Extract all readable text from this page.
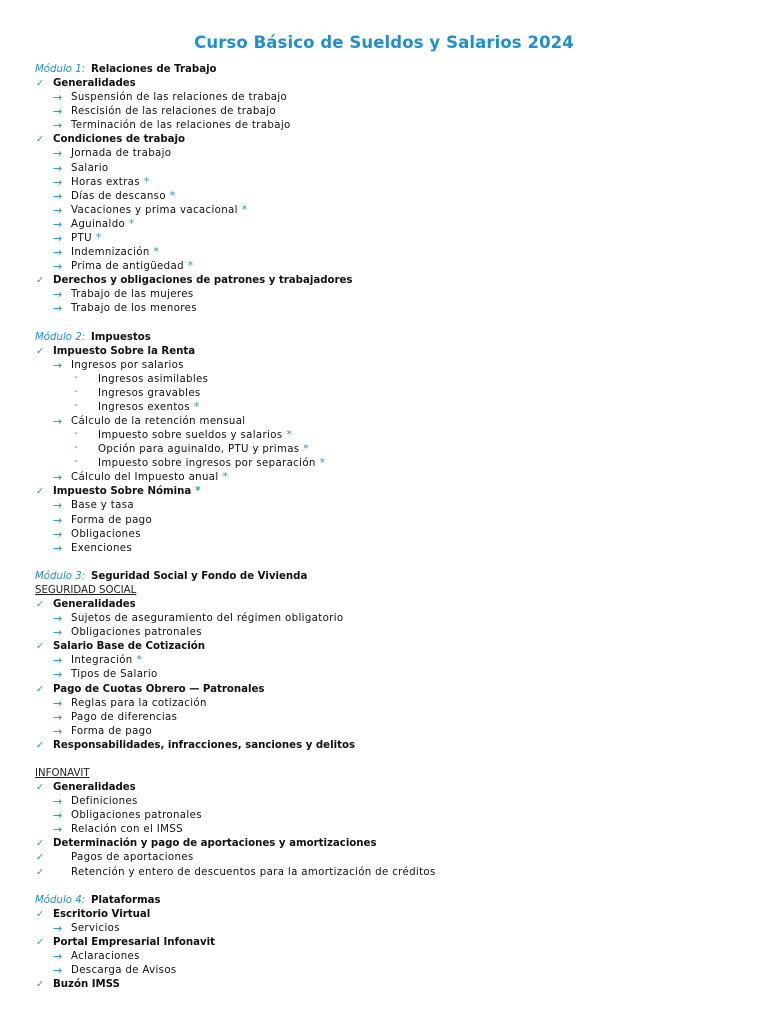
Curso Básico de Sueldos y Salarios 2024
Módulo 1: Relaciones de Trabajo
✓ Generalidades
→ Suspensión de las relaciones de trabajo
→ Rescisión de las relaciones de trabajo
→ Terminación de las relaciones de trabajo
✓ Condiciones de trabajo
→ Jornada de trabajo
→ Salario
→ Horas extras *
→ Días de descanso *
→ Vacaciones y prima vacacional *
→ Aguinaldo *
→ PTU *
→ Indemnización *
→ Prima de antigüedad *
✓ Derechos y obligaciones de patrones y trabajadores
→ Trabajo de las mujeres
→ Trabajo de los menores
Módulo 2: Impuestos
✓ Impuesto Sobre la Renta
→ Ingresos por salarios
- Ingresos asimilables
- Ingresos gravables
- Ingresos exentos *
→ Cálculo de la retención mensual
- Impuesto sobre sueldos y salarios *
- Opción para aguinaldo, PTU y primas *
- Impuesto sobre ingresos por separación *
→ Cálculo del Impuesto anual *
✓ Impuesto Sobre Nómina *
→ Base y tasa
→ Forma de pago
→ Obligaciones
→ Exenciones
Módulo 3: Seguridad Social y Fondo de Vivienda
SEGURIDAD SOCIAL
✓ Generalidades
→ Sujetos de aseguramiento del régimen obligatorio
→ Obligaciones patronales
✓ Salario Base de Cotización
→ Integración *
→ Tipos de Salario
✓ Pago de Cuotas Obrero — Patronales
→ Reglas para la cotización
→ Pago de diferencias
→ Forma de pago
✓ Responsabilidades, infracciones, sanciones y delitos
INFONAVIT
✓ Generalidades
→ Definiciones
→ Obligaciones patronales
→ Relación con el IMSS
✓ Determinación y pago de aportaciones y amortizaciones
✓	Pagos de aportaciones
✓	Retención y entero de descuentos para la amortización de créditos
Módulo 4: Plataformas
✓ Escritorio Virtual
→ Servicios
✓ Portal Empresarial Infonavit
→ Aclaraciones
→ Descarga de Avisos
✓ Buzón IMSS
